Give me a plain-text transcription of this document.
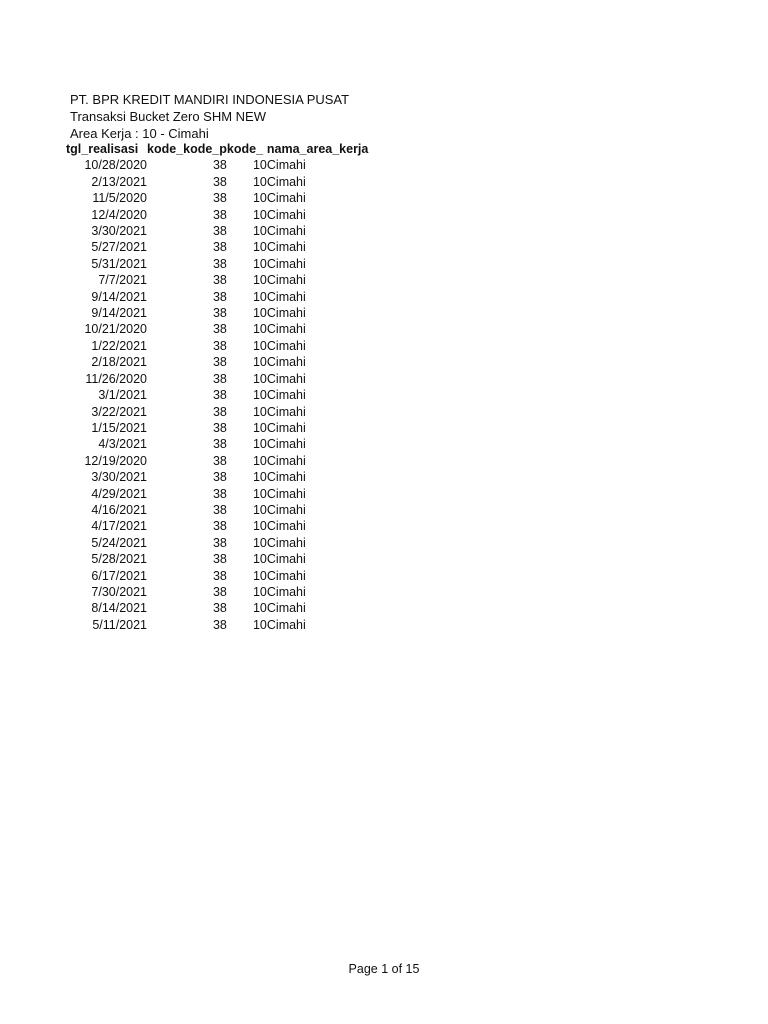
PT. BPR KREDIT MANDIRI INDONESIA PUSAT
Transaksi Bucket Zero SHM NEW
Area Kerja : 10 - Cimahi
tgl_realisasi	kode_kode_p	kode_	nama_area_kerja
10/28/2020	38	10	Cimahi
2/13/2021	38	10	Cimahi
11/5/2020	38	10	Cimahi
12/4/2020	38	10	Cimahi
3/30/2021	38	10	Cimahi
5/27/2021	38	10	Cimahi
5/31/2021	38	10	Cimahi
7/7/2021	38	10	Cimahi
9/14/2021	38	10	Cimahi
9/14/2021	38	10	Cimahi
10/21/2020	38	10	Cimahi
1/22/2021	38	10	Cimahi
2/18/2021	38	10	Cimahi
11/26/2020	38	10	Cimahi
3/1/2021	38	10	Cimahi
3/22/2021	38	10	Cimahi
1/15/2021	38	10	Cimahi
4/3/2021	38	10	Cimahi
12/19/2020	38	10	Cimahi
3/30/2021	38	10	Cimahi
4/29/2021	38	10	Cimahi
4/16/2021	38	10	Cimahi
4/17/2021	38	10	Cimahi
5/24/2021	38	10	Cimahi
5/28/2021	38	10	Cimahi
6/17/2021	38	10	Cimahi
7/30/2021	38	10	Cimahi
8/14/2021	38	10	Cimahi
5/11/2021	38	10	Cimahi
Page 1 of 15
